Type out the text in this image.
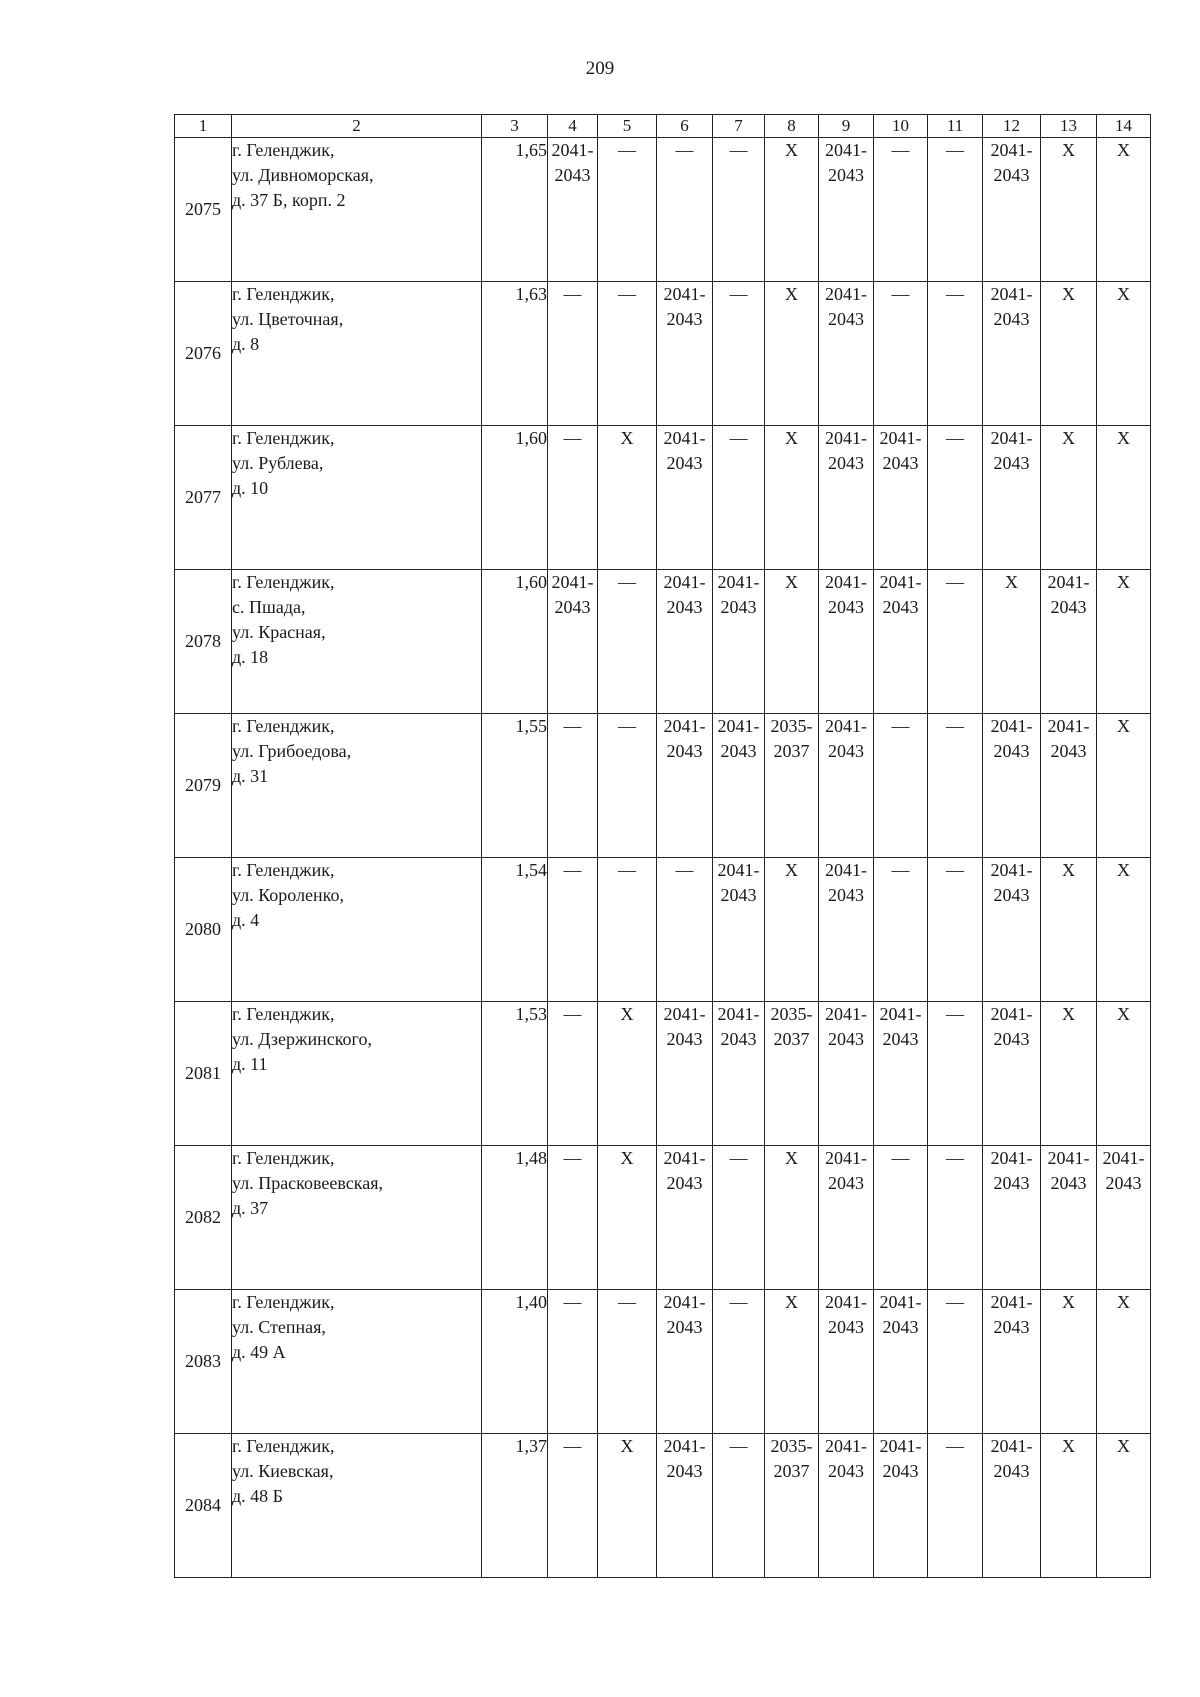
209
1	2	3	4	5	6	7	8	9	10	11	12	13	14
2075	г. Геленджик,
ул. Дивноморская,
д. 37 Б, корп. 2	1,65	2041-
2043	—	—	—	Х	2041-
2043	—	—	2041-
2043	Х	Х
2076	г. Геленджик,
ул. Цветочная,
д. 8	1,63	—	—	2041-
2043	—	Х	2041-
2043	—	—	2041-
2043	Х	Х
2077	г. Геленджик,
ул. Рублева,
д. 10	1,60	—	Х	2041-
2043	—	Х	2041-
2043	2041-
2043	—	2041-
2043	Х	Х
2078	г. Геленджик,
с. Пшада,
ул. Красная,
д. 18	1,60	2041-
2043	—	2041-
2043	2041-
2043	Х	2041-
2043	2041-
2043	—	Х	2041-
2043	Х
2079	г. Геленджик,
ул. Грибоедова,
д. 31	1,55	—	—	2041-
2043	2041-
2043	2035-
2037	2041-
2043	—	—	2041-
2043	2041-
2043	Х
2080	г. Геленджик,
ул. Короленко,
д. 4	1,54	—	—	—	2041-
2043	Х	2041-
2043	—	—	2041-
2043	Х	Х
2081	г. Геленджик,
ул. Дзержинского,
д. 11	1,53	—	Х	2041-
2043	2041-
2043	2035-
2037	2041-
2043	2041-
2043	—	2041-
2043	Х	Х
2082	г. Геленджик,
ул. Прасковеевская,
д. 37	1,48	—	Х	2041-
2043	—	Х	2041-
2043	—	—	2041-
2043	2041-
2043	2041-
2043
2083	г. Геленджик,
ул. Степная,
д. 49 А	1,40	—	—	2041-
2043	—	Х	2041-
2043	2041-
2043	—	2041-
2043	Х	Х
2084	г. Геленджик,
ул. Киевская,
д. 48 Б	1,37	—	Х	2041-
2043	—	2035-
2037	2041-
2043	2041-
2043	—	2041-
2043	Х	Х
